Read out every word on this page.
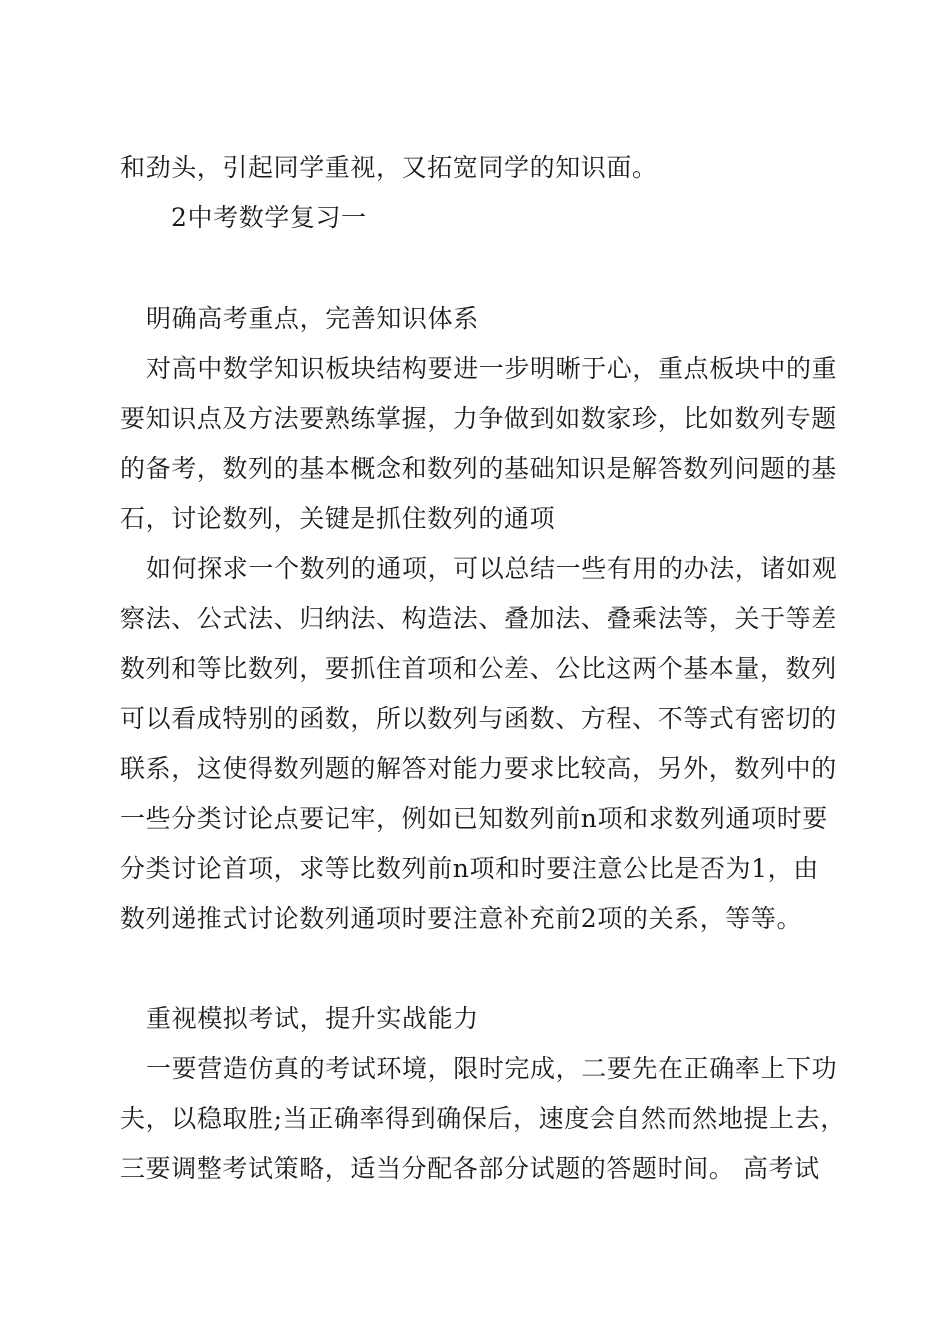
和劲头，引起同学重视，又拓宽同学的知识面。
2中考数学复习一
明确高考重点，完善知识体系
对高中数学知识板块结构要进一步明晰于心，重点板块中的重
要知识点及方法要熟练掌握，力争做到如数家珍，比如数列专题
的备考，数列的基本概念和数列的基础知识是解答数列问题的基
石，讨论数列，关键是抓住数列的通项
如何探求一个数列的通项，可以总结一些有用的办法，诸如观
察法、公式法、归纳法、构造法、叠加法、叠乘法等，关于等差
数列和等比数列，要抓住首项和公差、公比这两个基本量，数列
可以看成特别的函数，所以数列与函数、方程、不等式有密切的
联系，这使得数列题的解答对能力要求比较高，另外，数列中的
一些分类讨论点要记牢，例如已知数列前n项和求数列通项时要
分类讨论首项，求等比数列前n项和时要注意公比是否为1，由
数列递推式讨论数列通项时要注意补充前2项的关系，等等。
重视模拟考试，提升实战能力
一要营造仿真的考试环境，限时完成，二要先在正确率上下功
夫，以稳取胜;当正确率得到确保后，速度会自然而然地提上去，
三要调整考试策略，适当分配各部分试题的答题时间。 高考试
